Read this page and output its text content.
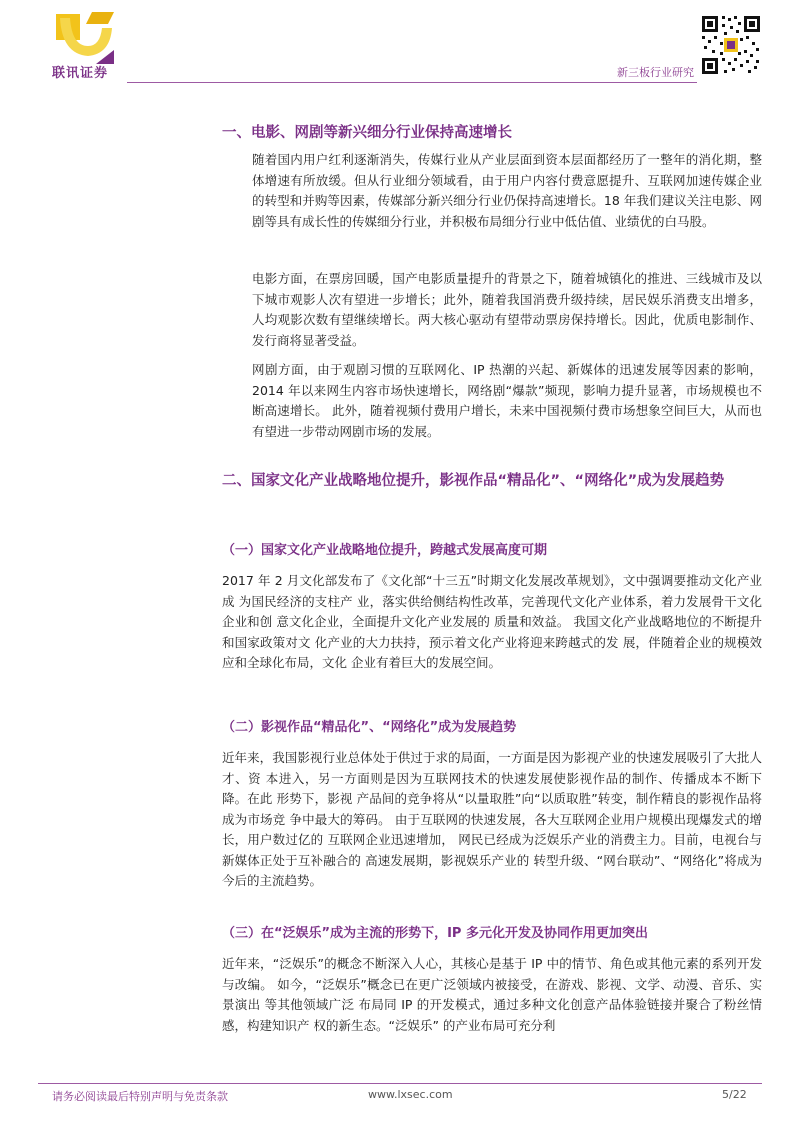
联讯证券	新三板行业研究
一、电影、网剧等新兴细分行业保持高速增长

随着国内用户红利逐渐消失，传媒行业从产业层面到资本层面都经历了一整年的消化期，整体增速有所放缓。但从行业细分领域看，由于用户内容付费意愿提升、互联网加速传媒企业的转型和并购等因素，传媒部分新兴细分行业仍保持高速增长。18 年我们建议关注电影、网剧等具有成长性的传媒细分行业，并积极布局细分行业中低估值、业绩优的白马股。

电影方面，在票房回暖，国产电影质量提升的背景之下，随着城镇化的推进、三线城市及以下城市观影人次有望进一步增长；此外，随着我国消费升级持续，居民娱乐消费支出增多，人均观影次数有望继续增长。两大核心驱动有望带动票房保持增长。因此，优质电影制作、发行商将显著受益。

网剧方面，由于观剧习惯的互联网化、IP 热潮的兴起、新媒体的迅速发展等因素的影响，2014 年以来网生内容市场快速增长，网络剧“爆款”频现，影响力提升显著，市场规模也不断高速增长。 此外，随着视频付费用户增长，未来中国视频付费市场想象空间巨大，从而也有望进一步带动网剧市场的发展。

二、国家文化产业战略地位提升，影视作品“精品化”、“网络化”成为发展趋势
（一）国家文化产业战略地位提升，跨越式发展高度可期

2017 年 2 月文化部发布了《文化部“十三五”时期文化发展改革规划》，文中强调要推动文化产业成 为国民经济的支柱产 业，落实供给侧结构性改革，完善现代文化产业体系，着力发展骨干文化企业和创 意文化企业，全面提升文化产业发展的 质量和效益。 我国文化产业战略地位的不断提升和国家政策对文 化产业的大力扶持，预示着文化产业将迎来跨越式的发 展，伴随着企业的规模效应和全球化布局，文化 企业有着巨大的发展空间。

（二）影视作品“精品化”、“网络化”成为发展趋势

近年来，我国影视行业总体处于供过于求的局面，一方面是因为影视产业的快速发展吸引了大批人 才、资 本进入，另一方面则是因为互联网技术的快速发展使影视作品的制作、传播成本不断下降。在此 形势下，影视 产品间的竞争将从“以量取胜”向“以质取胜”转变，制作精良的影视作品将成为市场竞 争中最大的筹码。 由于互联网的快速发展，各大互联网企业用户规模出现爆发式的增长，用户数过亿的 互联网企业迅速增加， 网民已经成为泛娱乐产业的消费主力。目前，电视台与新媒体正处于互补融合的 高速发展期，影视娱乐产业的 转型升级、“网台联动”、“网络化”将成为今后的主流趋势。

（三）在“泛娱乐”成为主流的形势下，IP 多元化开发及协同作用更加突出

近年来，“泛娱乐”的概念不断深入人心，其核心是基于 IP 中的情节、角色或其他元素的系列开发 与改编。 如今，“泛娱乐”概念已在更广泛领域内被接受，在游戏、影视、文学、动漫、音乐、实景演出 等其他领域广泛 布局同 IP 的开发模式，通过多种文化创意产品体验链接并聚合了粉丝情感，构建知识产 权的新生态。“泛娱乐” 的产业布局可充分利

请务必阅读最后特别声明与免责条款	www.lxsec.com	5/22
